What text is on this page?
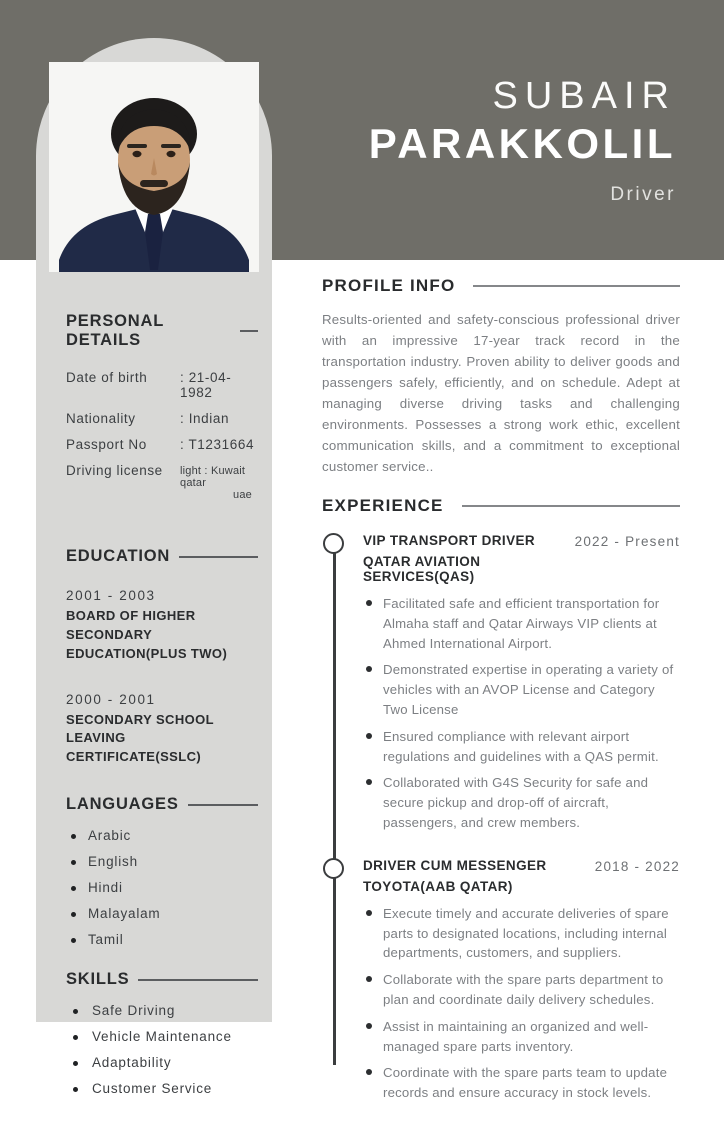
SUBAIR
PARAKKOLIL
Driver
PERSONAL DETAILS
Date of birth	: 21-04-1982
Nationality	: Indian
Passport No	: T1231664
Driving license	light : Kuwait qatar
uae
EDUCATION
2001 - 2003
BOARD OF HIGHER SECONDARY EDUCATION(PLUS TWO)
2000 - 2001
SECONDARY SCHOOL LEAVING CERTIFICATE(SSLC)
LANGUAGES
Arabic
English
Hindi
Malayalam
Tamil
SKILLS
Safe Driving
Vehicle Maintenance
Adaptability
Customer Service
PROFILE INFO

Results-oriented and safety-conscious professional driver with an impressive 17-year track record in the transportation industry. Proven ability to deliver goods and passengers safely, efficiently, and on schedule. Adept at managing diverse driving tasks and challenging environments. Possesses a strong work ethic, excellent communication skills, and a commitment to exceptional customer service..

EXPERIENCE
VIP TRANSPORT DRIVER
QATAR AVIATION SERVICES(QAS)
2022 - Present
Facilitated safe and efficient transportation for Almaha staff and Qatar Airways VIP clients at Ahmed International Airport.
Demonstrated expertise in operating a variety of vehicles with an AVOP License and Category Two License
Ensured compliance with relevant airport regulations and guidelines with a QAS permit.
Collaborated with G4S Security for safe and secure pickup and drop-off of aircraft, passengers, and crew members.
DRIVER CUM MESSENGER
TOYOTA(AAB QATAR)
2018 - 2022
Execute timely and accurate deliveries of spare parts to designated locations, including internal departments, customers, and suppliers.
Collaborate with the spare parts department to plan and coordinate daily delivery schedules.
Assist in maintaining an organized and well-managed spare parts inventory.
Coordinate with the spare parts team to update records and ensure accuracy in stock levels.
